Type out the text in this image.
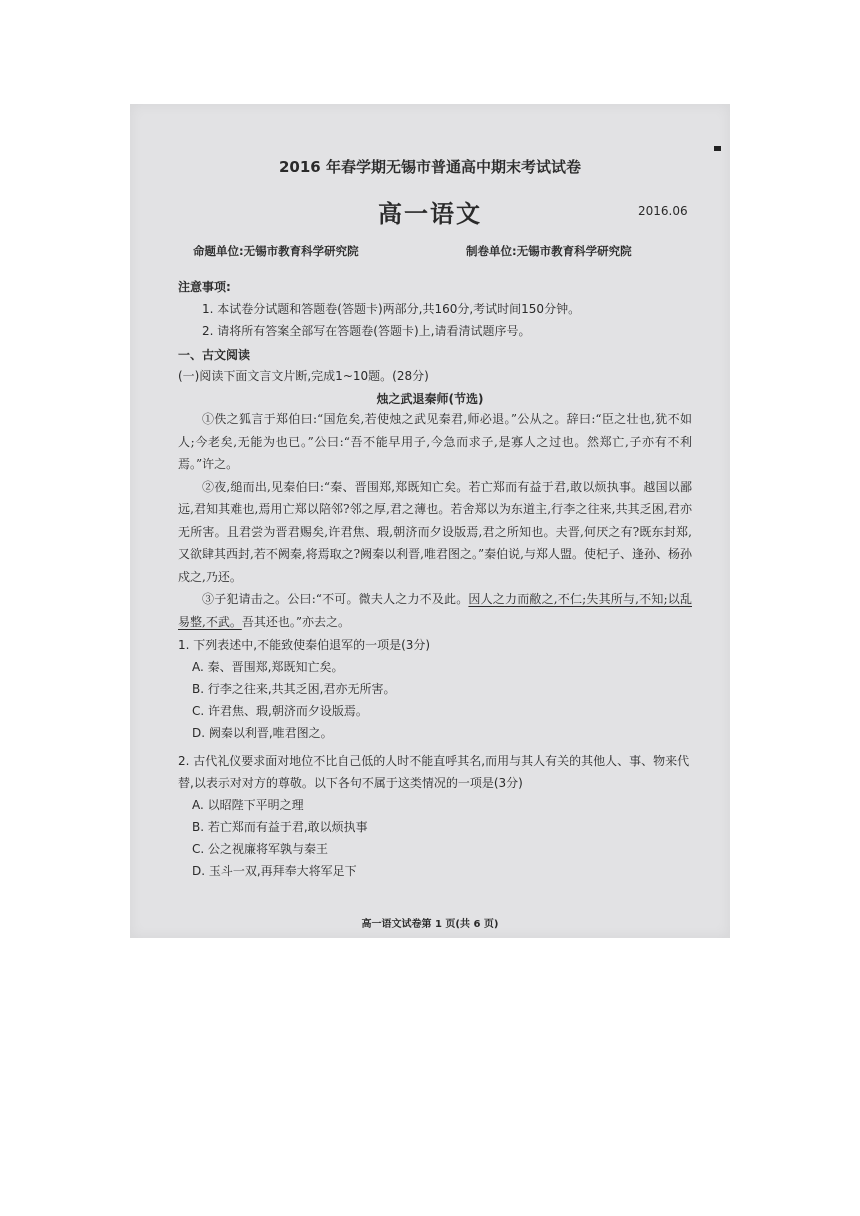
2016 年春学期无锡市普通高中期末考试试卷
高一语文	2016.06
命题单位:无锡市教育科学研究院	制卷单位:无锡市教育科学研究院
注意事项:
1. 本试卷分试题和答题卷(答题卡)两部分,共160分,考试时间150分钟。
2. 请将所有答案全部写在答题卷(答题卡)上,请看清试题序号。
一、古文阅读
(一)阅读下面文言文片断,完成1~10题。(28分)
烛之武退秦师(节选)

①佚之狐言于郑伯曰:“国危矣,若使烛之武见秦君,师必退。”公从之。辞曰:“臣之壮也,犹不如人;今老矣,无能为也已。”公曰:“吾不能早用子,今急而求子,是寡人之过也。然郑亡,子亦有不利焉。”许之。

②夜,缒而出,见秦伯曰:“秦、晋围郑,郑既知亡矣。若亡郑而有益于君,敢以烦执事。越国以鄙远,君知其难也,焉用亡郑以陪邻?邻之厚,君之薄也。若舍郑以为东道主,行李之往来,共其乏困,君亦无所害。且君尝为晋君赐矣,许君焦、瑕,朝济而夕设版焉,君之所知也。夫晋,何厌之有?既东封郑,又欲肆其西封,若不阙秦,将焉取之?阙秦以利晋,唯君图之。”秦伯说,与郑人盟。使杞子、逢孙、杨孙戍之,乃还。

③子犯请击之。公曰:“不可。微夫人之力不及此。因人之力而敝之,不仁;失其所与,不知;以乱易整,不武。吾其还也。”亦去之。

1. 下列表述中,不能致使秦伯退军的一项是(3分)

A. 秦、晋围郑,郑既知亡矣。

B. 行李之往来,共其乏困,君亦无所害。

C. 许君焦、瑕,朝济而夕设版焉。

D. 阙秦以利晋,唯君图之。

2. 古代礼仪要求面对地位不比自己低的人时不能直呼其名,而用与其人有关的其他人、事、物来代替,以表示对对方的尊敬。以下各句不属于这类情况的一项是(3分)

A. 以昭陛下平明之理

B. 若亡郑而有益于君,敢以烦执事

C. 公之视廉将军孰与秦王

D. 玉斗一双,再拜奉大将军足下

高一语文试卷第 1 页(共 6 页)
